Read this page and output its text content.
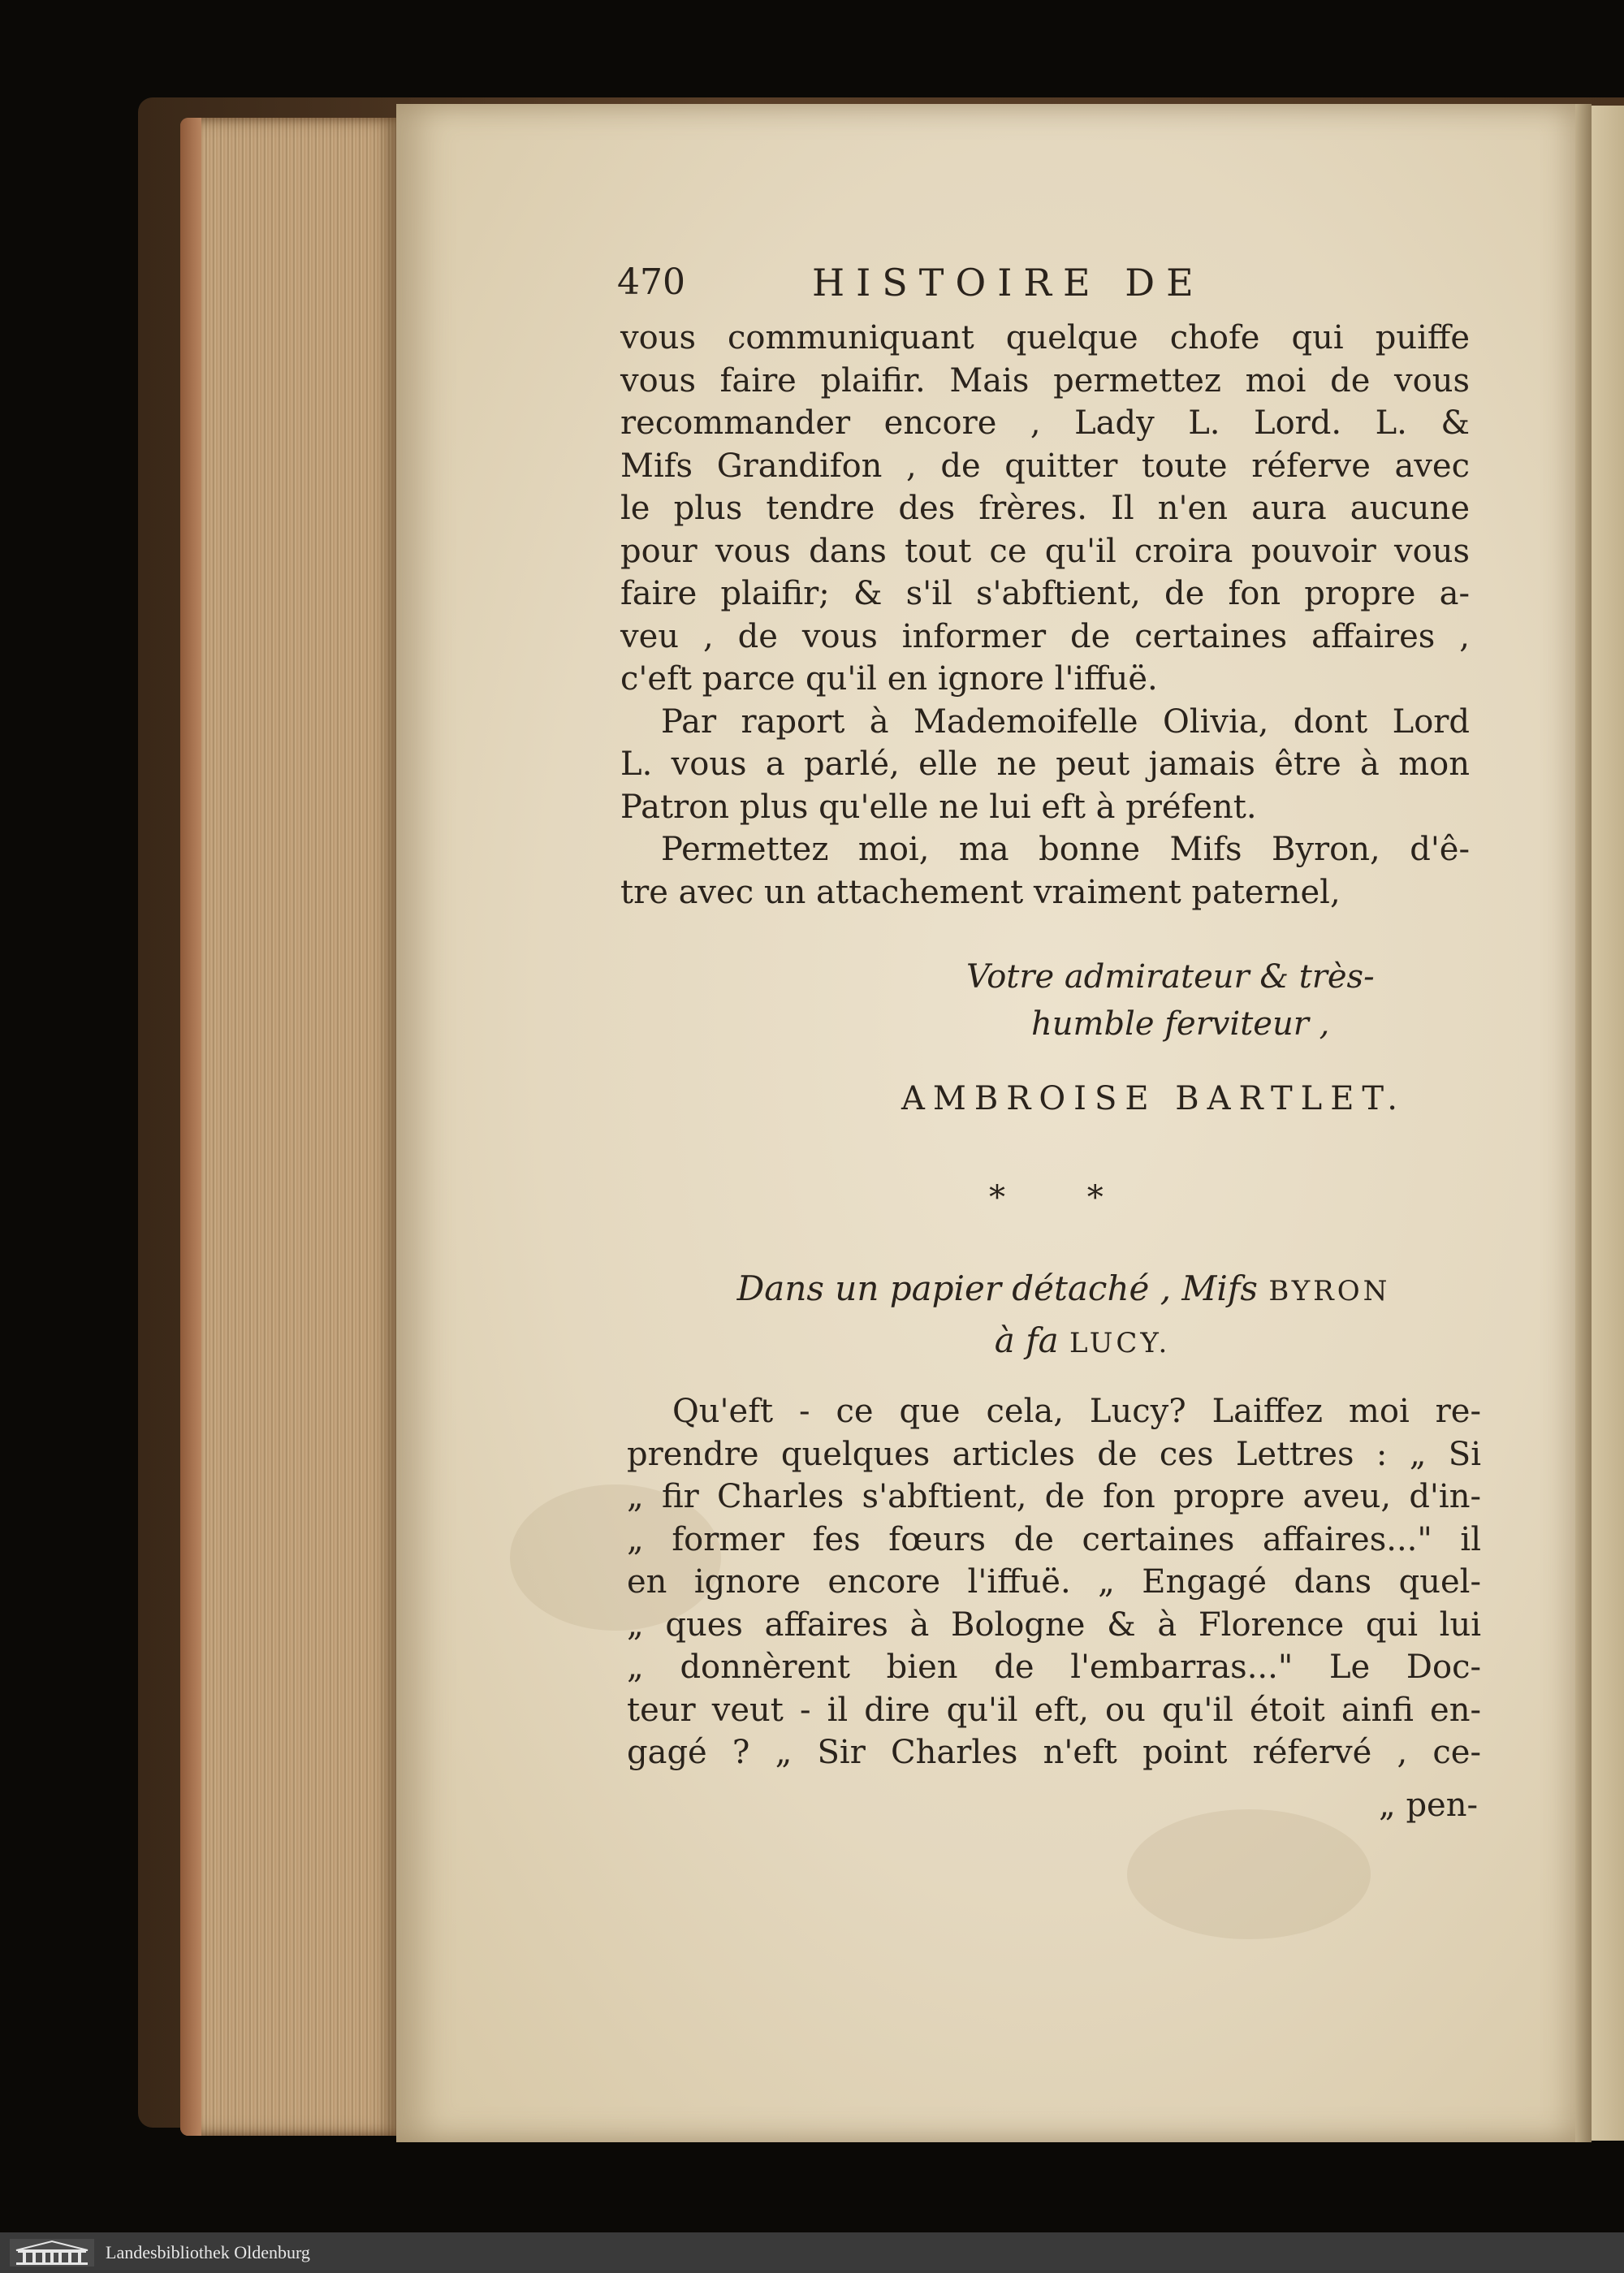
470	HISTOIRE DE
vous communiquant quelque chofe qui puiffe
vous faire plaifir. Mais permettez moi de vous
recommander encore , Lady L. Lord. L. &
Mifs Grandifon , de quitter toute réferve avec
le plus tendre des frères. Il n'en aura aucune
pour vous dans tout ce qu'il croira pouvoir vous
faire plaifir; & s'il s'abftient, de fon propre a-
veu , de vous informer de certaines affaires ,
c'eft parce qu'il en ignore l'iffuë.
Par raport à Mademoifelle Olivia, dont Lord
L. vous a parlé, elle ne peut jamais être à mon
Patron plus qu'elle ne lui eft à préfent.
Permettez moi, ma bonne Mifs Byron, d'ê-
tre avec un attachement vraiment paternel,
Votre admirateur & très-
humble ferviteur ,
AMBROISE BARTLET.
* *
Dans un papier détaché , Mifs BYRON
à fa LUCY.
Qu'eft - ce que cela, Lucy? Laiffez moi re-
prendre quelques articles de ces Lettres : „ Si
„ fir Charles s'abftient, de fon propre aveu, d'in-
„ former fes fœurs de certaines affaires..." il
en ignore encore l'iffuë. „ Engagé dans quel-
„ ques affaires à Bologne & à Florence qui lui
„ donnèrent bien de l'embarras..." Le Doc-
teur veut - il dire qu'il eft, ou qu'il étoit ainfi en-
gagé ? „ Sir Charles n'eft point réfervé , ce-
„ pen-
Landesbibliothek Oldenburg
